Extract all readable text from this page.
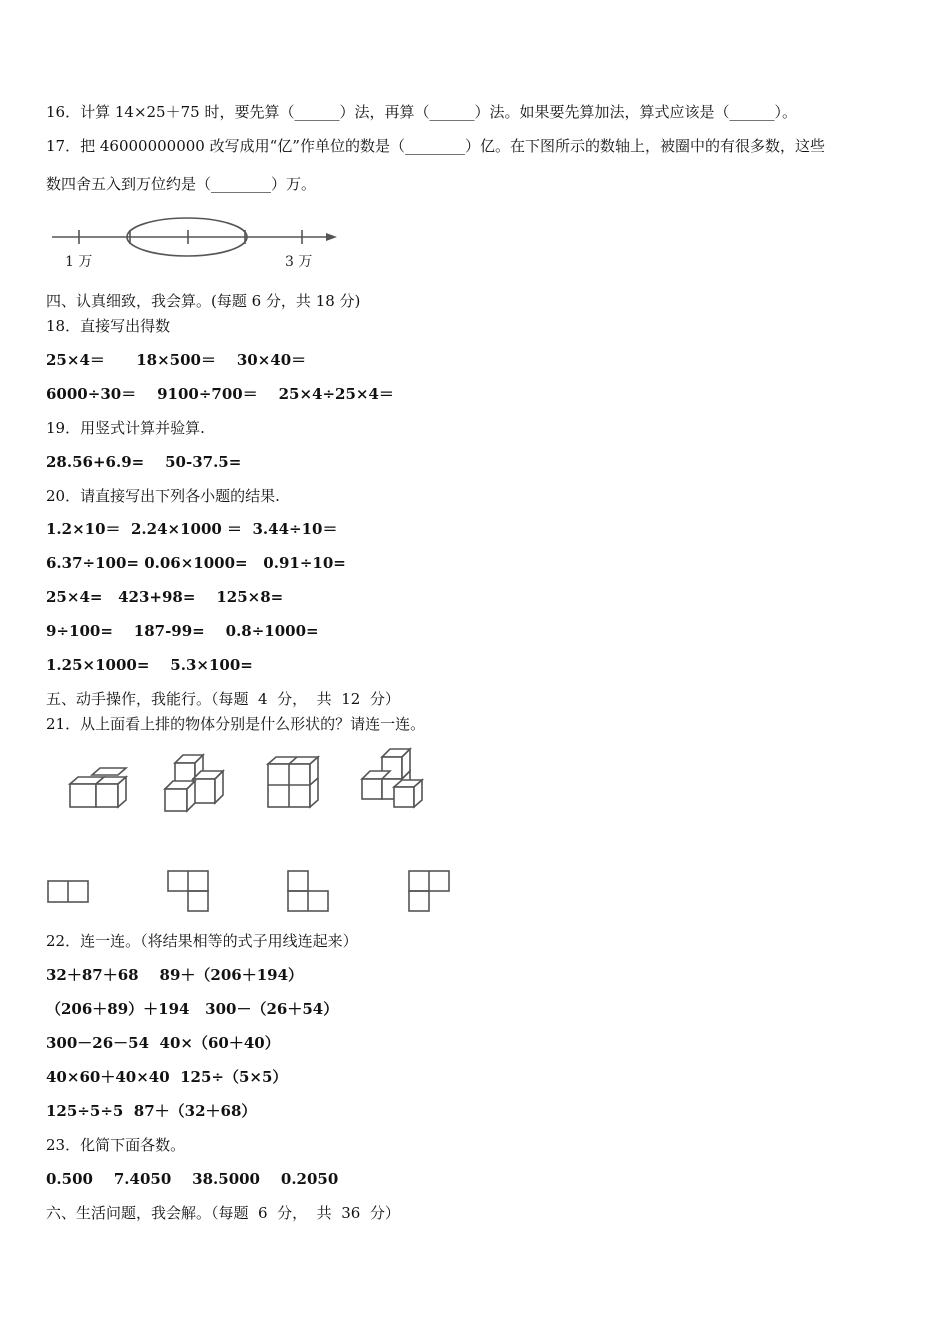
16．计算 14×25＋75 时，要先算（______）法，再算（______）法。如果要先算加法，算式应该是（______）。
17．把 46000000000 改写成用“亿”作单位的数是（________）亿。在下图所示的数轴上，被圈中的有很多数，这些
数四舍五入到万位约是（________）万。
1 万	3 万
四、认真细致，我会算。(每题 6 分，共 18 分)
18．直接写出得数
25×4＝      18×500＝    30×40＝
6000÷30＝    9100÷700＝    25×4÷25×4＝
19．用竖式计算并验算.
28.56+6.9=    50-37.5=
20．请直接写出下列各小题的结果.
1.2×10＝  2.24×1000 ＝  3.44÷10＝
6.37÷100= 0.06×1000=   0.91÷10=
25×4=   423+98=    125×8=
9÷100=    187-99=    0.8÷1000=
1.25×1000=    5.3×100=
五、动手操作，我能行。（每题  4  分，  共  12  分）
21．从上面看上排的物体分别是什么形状的？请连一连。
22．连一连。（将结果相等的式子用线连起来）
32＋87＋68    89＋（206＋194）
（206＋89）＋194   300－（26＋54）
300－26－54  40×（60＋40）
40×60＋40×40  125÷（5×5）
125÷5÷5  87＋（32＋68）
23．化简下面各数。
0.500    7.4050    38.5000    0.2050
六、生活问题，我会解。（每题  6  分，  共  36  分）
